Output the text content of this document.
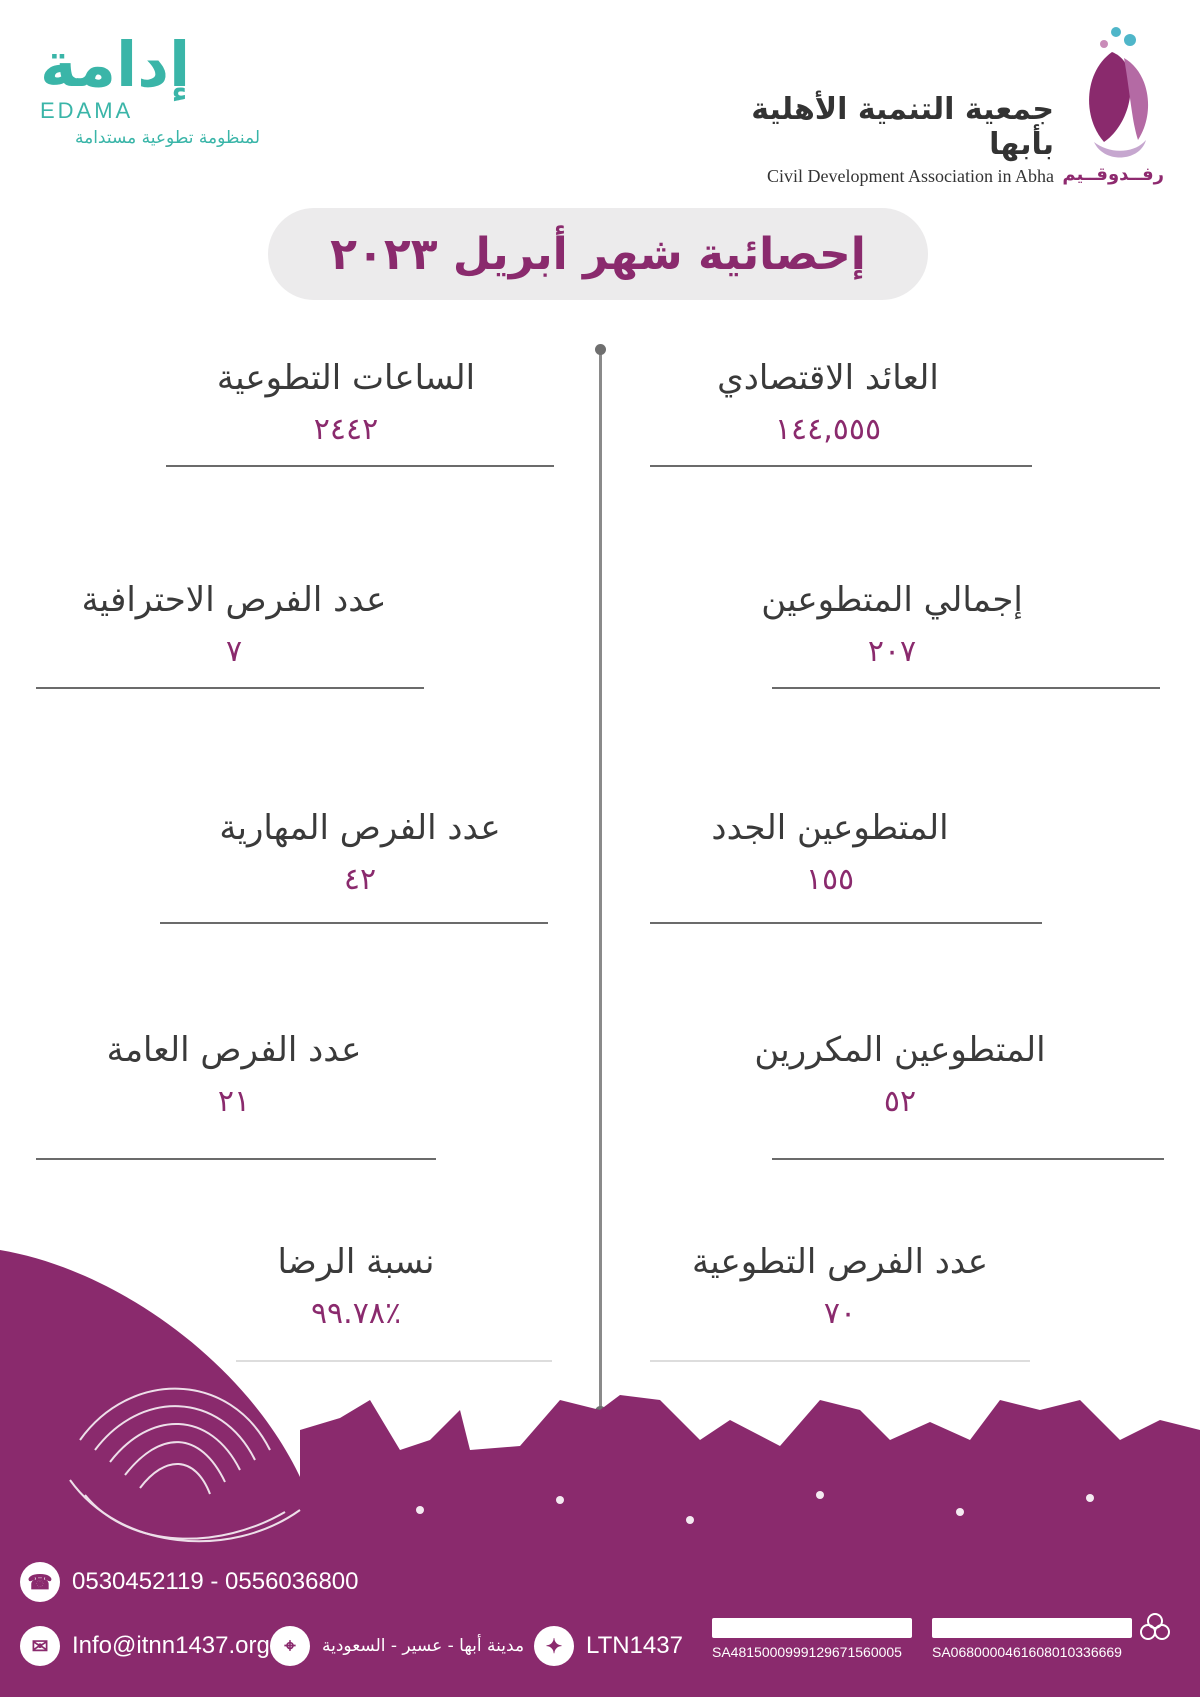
إدامة
EDAMA
لمنظومة تطوعية مستدامة
جمعية التنمية الأهلية بأبها
Civil Development Association in Abha رفــدوقــيم
إحصائية شهر أبريل ٢٠٢٣
العائد الاقتصادي
١٤٤,٥٥٥
إجمالي المتطوعين
٢٠٧
المتطوعين الجدد
١٥٥
المتطوعين المكررين
٥٢
عدد الفرص التطوعية
٧٠
الساعات التطوعية
٢٤٤٢
عدد الفرص الاحترافية
٧
عدد الفرص المهارية
٤٢
عدد الفرص العامة
٢١
نسبة الرضا
٪٩٩.٧٨
☎ 0530452119 - 0556036800
✉ Info@itnn1437.org ⌖	مدينة أبها - عسير - السعودية	✦ LTN1437 SA4815000999129671560005	SA0680000461608010336669
